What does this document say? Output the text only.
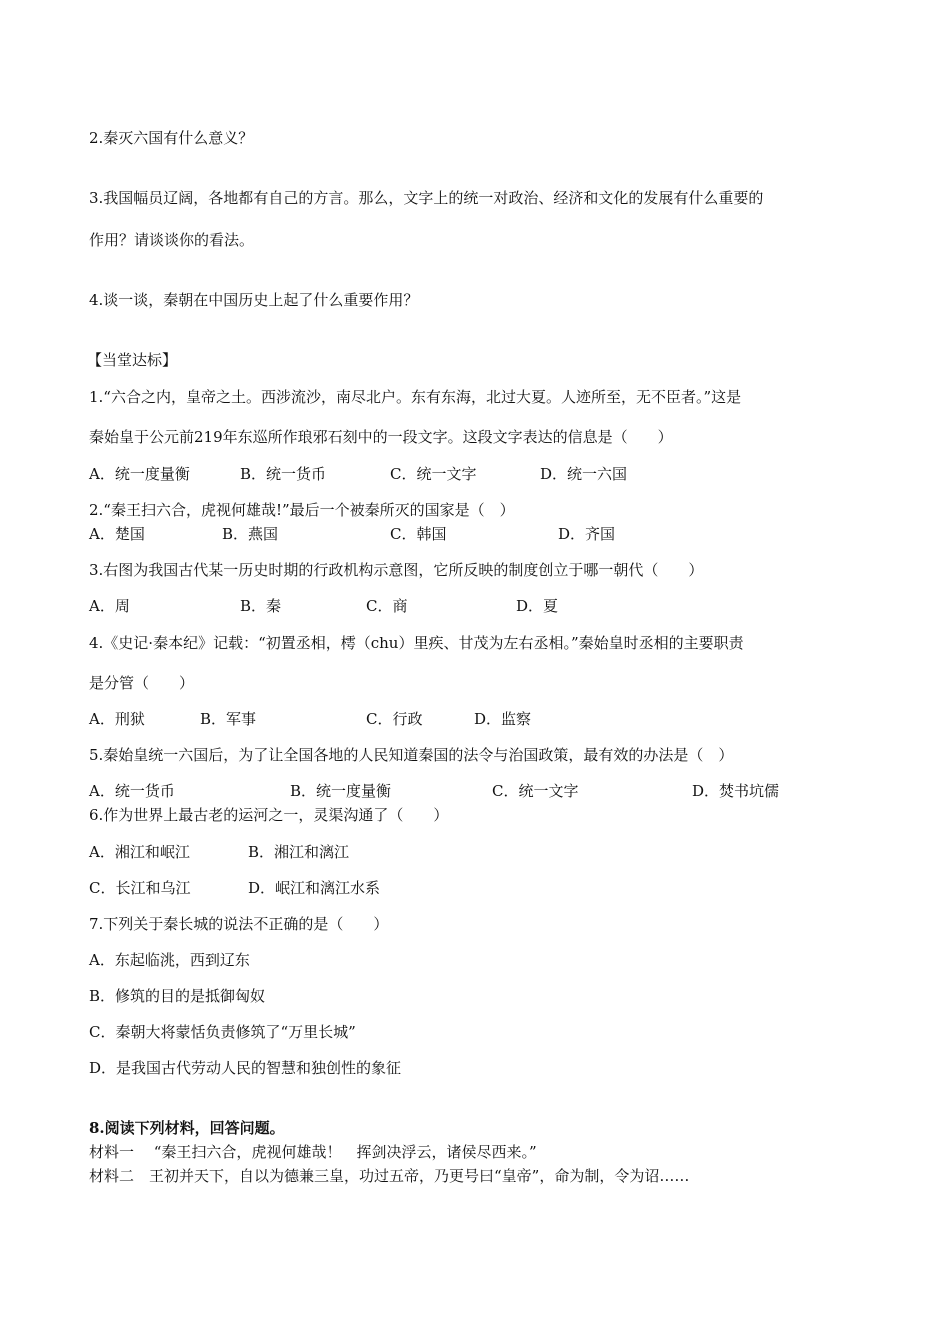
2.秦灭六国有什么意义？
3.我国幅员辽阔，各地都有自己的方言。那么，文字上的统一对政治、经济和文化的发展有什么重要的
作用？请谈谈你的看法。
4.谈一谈，秦朝在中国历史上起了什么重要作用？
【当堂达标】
1.“六合之内，皇帝之土。西涉流沙，南尽北户。东有东海，北过大夏。人迹所至，无不臣者。”这是
秦始皇于公元前219年东巡所作琅邪石刻中的一段文字。这段文字表达的信息是（　　）
A．统一度量衡	B．统一货币	C．统一文字	D．统一六国
2.“秦王扫六合，虎视何雄哉!”最后一个被秦所灭的国家是（　）
A．楚国	B．燕国	C．韩国	D．齐国
3.右图为我国古代某一历史时期的行政机构示意图，它所反映的制度创立于哪一朝代（　　）
A．周	B．秦	C．商	D．夏
4.《史记·秦本纪》记载：“初置丞相，樗（chu）里疾、甘茂为左右丞相。”秦始皇时丞相的主要职责
是分管（　　）
A．刑狱	B．军事	C．行政	D．监察
5.秦始皇统一六国后，为了让全国各地的人民知道秦国的法令与治国政策，最有效的办法是（　）
A．统一货币	B．统一度量衡	C．统一文字	D．焚书坑儒
6.作为世界上最古老的运河之一，灵渠沟通了（　　）
A．湘江和岷江	B．湘江和漓江
C．长江和乌江	D．岷江和漓江水系
7.下列关于秦长城的说法不正确的是（　　）
A．东起临洮，西到辽东
B．修筑的目的是抵御匈奴
C．秦朝大将蒙恬负责修筑了“万里长城”
D．是我国古代劳动人民的智慧和独创性的象征
8.阅读下列材料，回答问题。
材料一　 “秦王扫六合，虎视何雄哉！　挥剑决浮云，诸侯尽西来。”
材料二　王初并天下，自以为德兼三皇，功过五帝，乃更号曰“皇帝”，命为制，令为诏……
